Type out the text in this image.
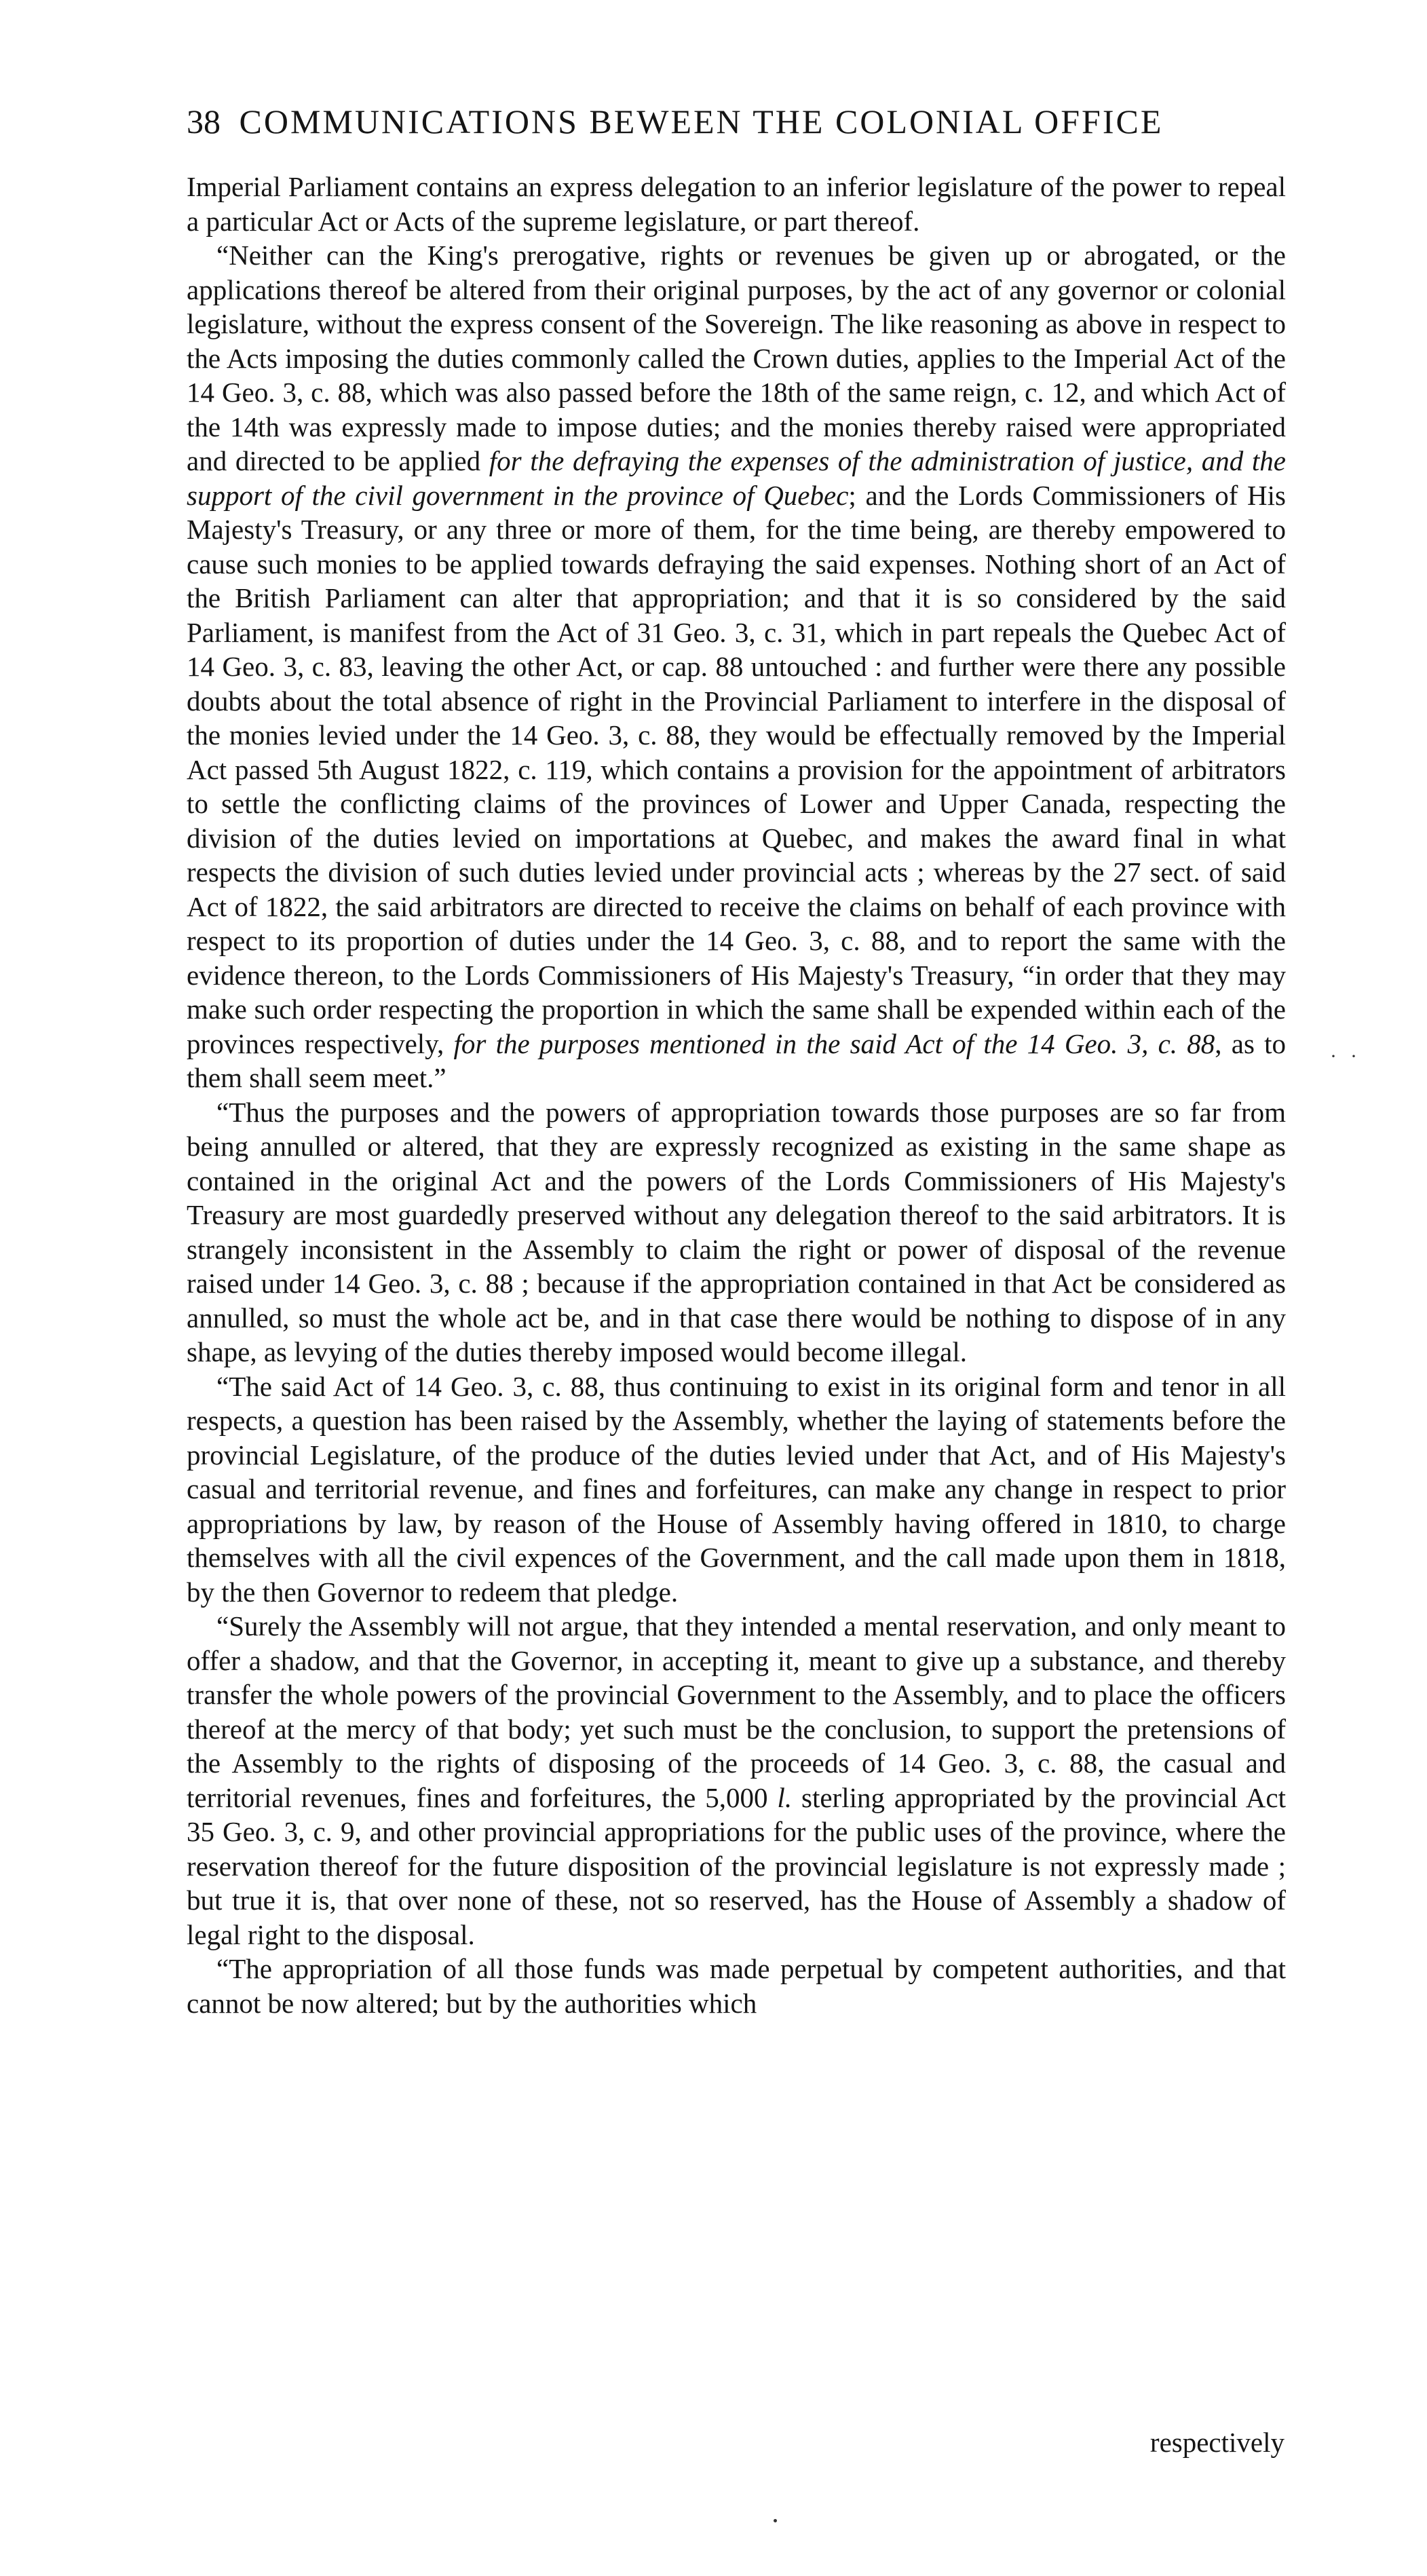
38 COMMUNICATIONS BEWEEN THE COLONIAL OFFICE
··

Imperial Parliament contains an express delegation to an inferior legislature of the power to repeal a particular Act or Acts of the supreme legislature, or part thereof.

“Neither can the King's prerogative, rights or revenues be given up or abrogated, or the applications thereof be altered from their original purposes, by the act of any governor or colonial legislature, without the express consent of the Sovereign. The like reasoning as above in respect to the Acts imposing the duties commonly called the Crown duties, applies to the Imperial Act of the 14 Geo. 3, c. 88, which was also passed before the 18th of the same reign, c. 12, and which Act of the 14th was expressly made to impose duties; and the monies thereby raised were appropriated and directed to be applied for the defraying the expenses of the administration of justice, and the support of the civil government in the province of Quebec; and the Lords Commissioners of His Majesty's Treasury, or any three or more of them, for the time being, are thereby empowered to cause such monies to be applied towards defraying the said expenses. Nothing short of an Act of the British Parliament can alter that appropriation; and that it is so considered by the said Parliament, is manifest from the Act of 31 Geo. 3, c. 31, which in part repeals the Quebec Act of 14 Geo. 3, c. 83, leaving the other Act, or cap. 88 untouched : and further were there any possible doubts about the total absence of right in the Provincial Parliament to interfere in the disposal of the monies levied under the 14 Geo. 3, c. 88, they would be effectually removed by the Imperial Act passed 5th August 1822, c. 119, which contains a provision for the appointment of arbitrators to settle the conflicting claims of the provinces of Lower and Upper Canada, respecting the division of the duties levied on importations at Quebec, and makes the award final in what respects the division of such duties levied under provincial acts ; whereas by the 27 sect. of said Act of 1822, the said arbitrators are directed to receive the claims on behalf of each province with respect to its proportion of duties under the 14 Geo. 3, c. 88, and to report the same with the evidence thereon, to the Lords Commissioners of His Majesty's Treasury, “in order that they may make such order respecting the proportion in which the same shall be expended within each of the provinces respectively, for the purposes mentioned in the said Act of the 14 Geo. 3, c. 88, as to them shall seem meet.”

“Thus the purposes and the powers of appropriation towards those purposes are so far from being annulled or altered, that they are expressly recognized as existing in the same shape as contained in the original Act and the powers of the Lords Commissioners of His Majesty's Treasury are most guardedly preserved without any delegation thereof to the said arbitrators. It is strangely inconsistent in the Assembly to claim the right or power of disposal of the revenue raised under 14 Geo. 3, c. 88 ; because if the appropriation contained in that Act be considered as annulled, so must the whole act be, and in that case there would be nothing to dispose of in any shape, as levying of the duties thereby imposed would become illegal.

“The said Act of 14 Geo. 3, c. 88, thus continuing to exist in its original form and tenor in all respects, a question has been raised by the Assembly, whether the laying of statements before the provincial Legislature, of the produce of the duties levied under that Act, and of His Majesty's casual and territorial revenue, and fines and forfeitures, can make any change in respect to prior appropriations by law, by reason of the House of Assembly having offered in 1810, to charge themselves with all the civil expences of the Government, and the call made upon them in 1818, by the then Governor to redeem that pledge.

“Surely the Assembly will not argue, that they intended a mental reservation, and only meant to offer a shadow, and that the Governor, in accepting it, meant to give up a substance, and thereby transfer the whole powers of the provincial Government to the Assembly, and to place the officers thereof at the mercy of that body; yet such must be the conclusion, to support the pretensions of the Assembly to the rights of disposing of the proceeds of 14 Geo. 3, c. 88, the casual and territorial revenues, fines and forfeitures, the 5,000 l. sterling appropriated by the provincial Act 35 Geo. 3, c. 9, and other provincial appropriations for the public uses of the province, where the reservation thereof for the future disposition of the provincial legislature is not expressly made ; but true it is, that over none of these, not so reserved, has the House of Assembly a shadow of legal right to the disposal.

“The appropriation of all those funds was made perpetual by competent authorities, and that cannot be now altered; but by the authorities which

respectively
